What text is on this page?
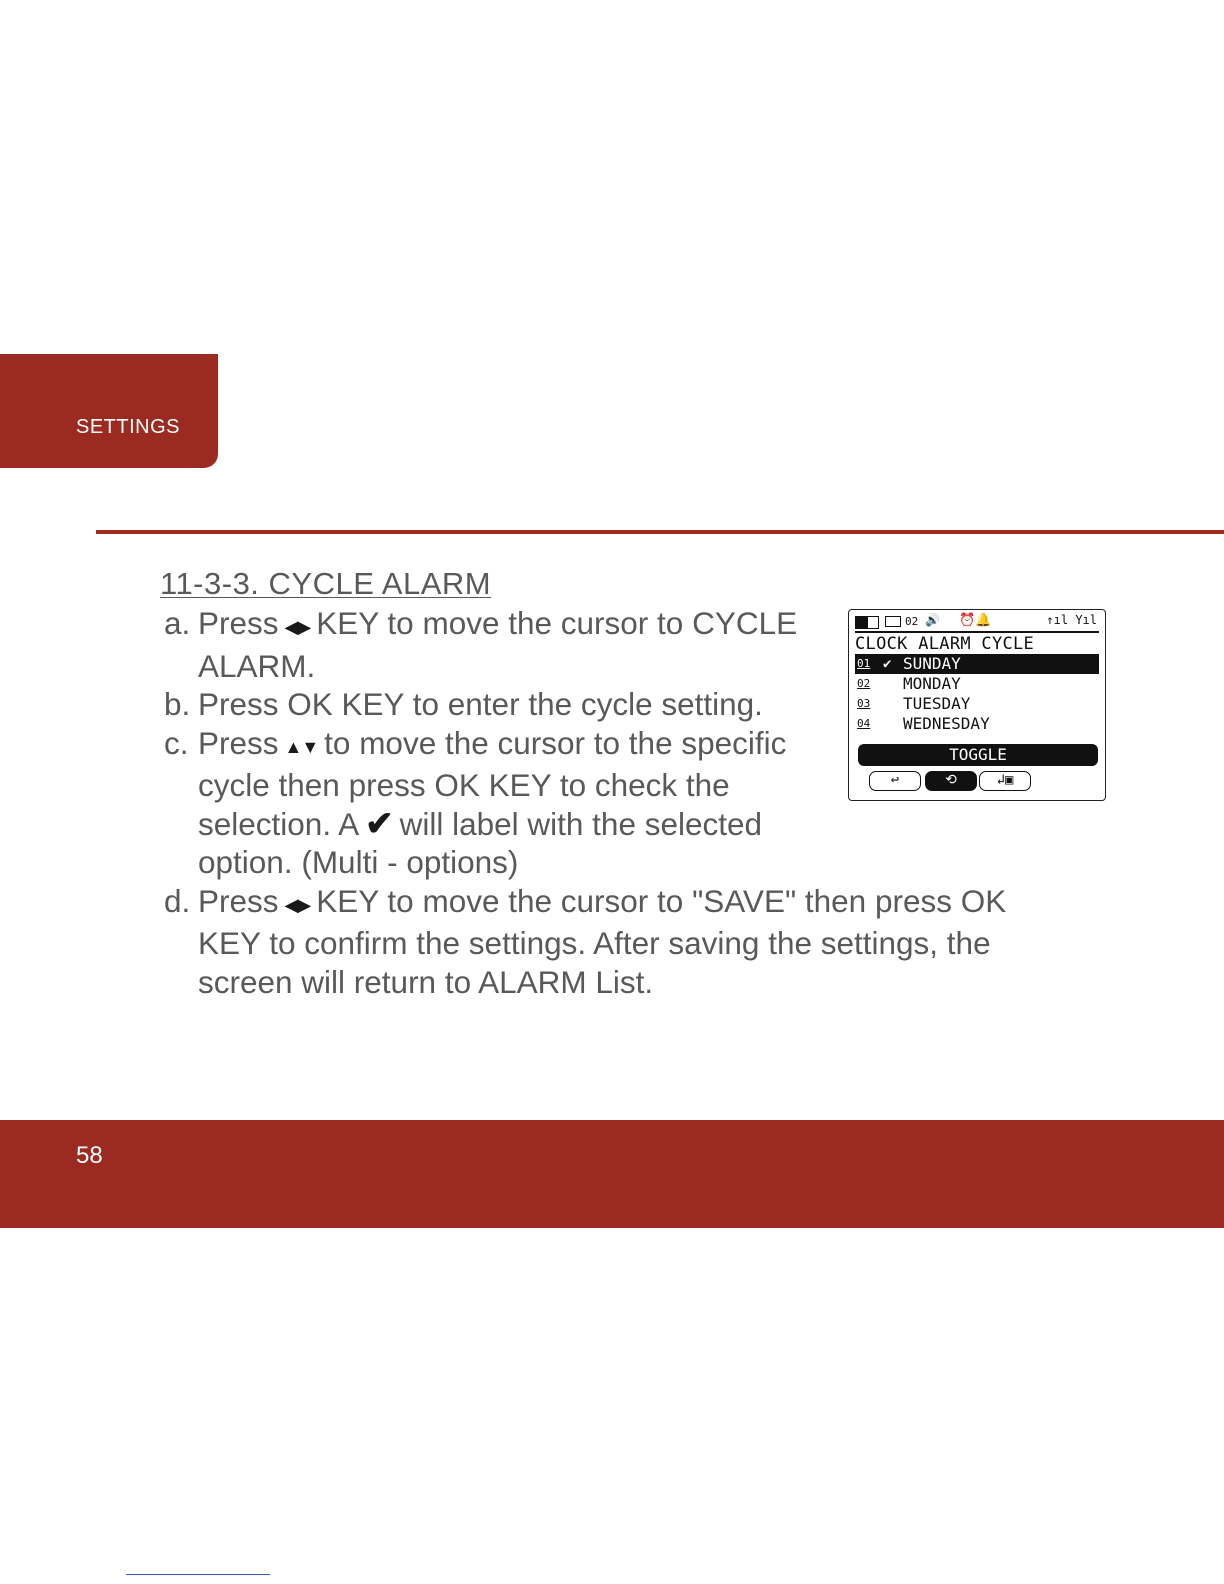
SETTINGS
11-3-3. CYCLE ALARM
a. Press ◀▶ KEY to move the cursor to CYCLE ALARM.
b. Press OK KEY to enter the cycle setting.
c. Press ▲▼ to move the cursor to the specific cycle then press OK KEY to check the selection. A ✔ will label with the selected option. (Multi - options)
d. Press ◀▶ KEY to move the cursor to "SAVE" then press OK KEY to confirm the settings. After saving the settings, the screen will return to ALARM List.
02 🔊 ⏰🔔	↑ıl Yıl
CLOCK ALARM CYCLE
01 ✔ SUNDAY
02 MONDAY
03 TUESDAY
04 WEDNESDAY
TOGGLE
↩	⟲	↲▣
58
